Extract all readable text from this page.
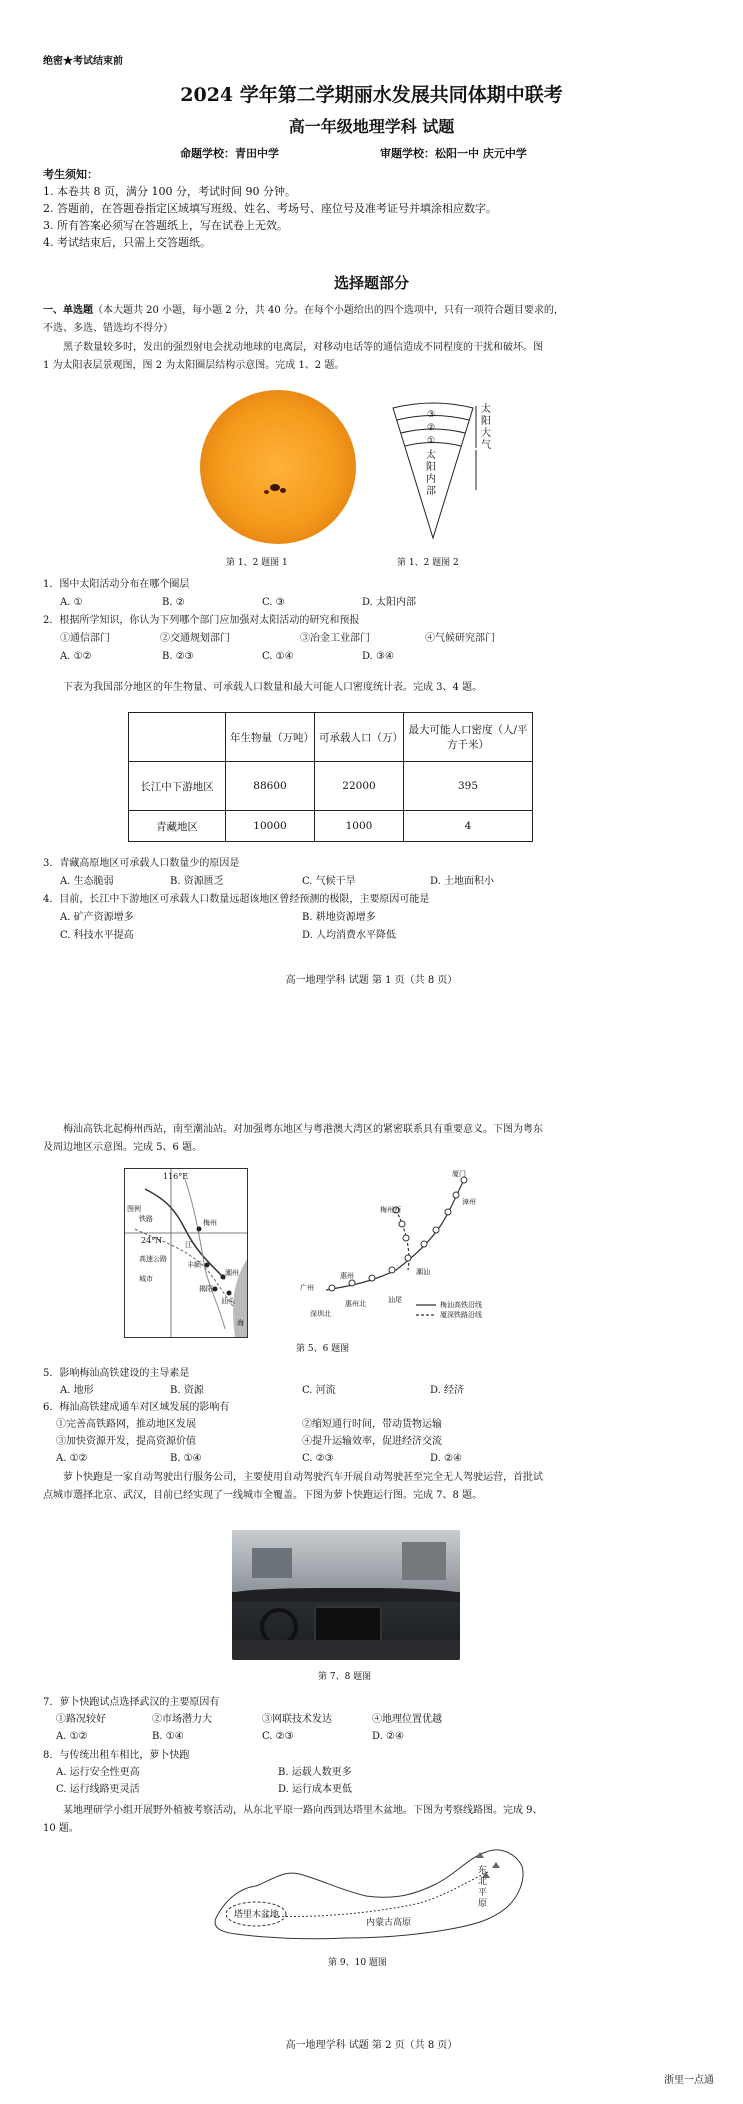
绝密★考试结束前
2024 学年第二学期丽水发展共同体期中联考
高一年级地理学科 试题
命题学校：青田中学	审题学校：松阳一中 庆元中学
考生须知：
1. 本卷共 8 页，满分 100 分，考试时间 90 分钟。
2. 答题前，在答题卷指定区域填写班级、姓名、考场号、座位号及准考证号并填涂相应数字。
3. 所有答案必须写在答题纸上，写在试卷上无效。
4. 考试结束后，只需上交答题纸。
选择题部分
一、单选题（本大题共 20 小题，每小题 2 分，共 40 分。在每个小题给出的四个选项中，只有一项符合题目要求的，
不选、多选、错选均不得分）
黑子数量较多时，发出的强烈射电会扰动地球的电离层，对移动电话等的通信造成不同程度的干扰和破坏。图
1 为太阳表层景观图，图 2 为太阳圈层结构示意图。完成 1、2 题。
第 1、2 题图 1
③
②
①
太阳大气
太阳内部
第 1、2 题图 2
1．图中太阳活动分布在哪个圈层
A. ①	B. ②	C. ③	D. 太阳内部
2．根据所学知识，你认为下列哪个部门应加强对太阳活动的研究和预报
①通信部门	②交通规划部门	③冶金工业部门	④气候研究部门
A. ①②	B. ②③	C. ①④	D. ③④
下表为我国部分地区的年生物量、可承载人口数量和最大可能人口密度统计表。完成 3、4 题。
	年生物量（万吨）	可承载人口（万）	最大可能人口密度（人/平方千米）
长江中下游地区	88600	22000	395
青藏地区	10000	1000	4
3．青藏高原地区可承载人口数量少的原因是
A. 生态脆弱	B. 资源匮乏	C. 气候干旱	D. 土地面积小
4．目前，长江中下游地区可承载人口数量远超该地区曾经预测的极限，主要原因可能是
A. 矿产资源增多	B. 耕地资源增多
C. 科技水平提高	D. 人均消费水平降低
高一地理学科 试题 第 1 页（共 8 页）
梅汕高铁北起梅州西站，南至潮汕站。对加强粤东地区与粤港澳大湾区的紧密联系具有重要意义。下图为粤东
及周边地区示意图。完成 5、6 题。
116°E
24°N
图例
铁路
高速公路
城市
梅州
江
丰顺
潮州
揭阳
汕头
海
厦门
漳州
梅州西
广州
惠州
惠州北	汕尾
潮汕
深圳北
梅汕高铁沿线
厦深铁路沿线
第 5、6 题图
5．影响梅汕高铁建设的主导素是
A. 地形	B. 资源	C. 河流	D. 经济
6．梅汕高铁建成通车对区域发展的影响有
①完善高铁路网，推动地区发展	②缩短通行时间，带动货物运输
③加快资源开发，提高资源价值	④提升运输效率，促进经济交流
A. ①②	B. ①④	C. ②③	D. ②④
萝卜快跑是一家自动驾驶出行服务公司，主要使用自动驾驶汽车开展自动驾驶甚至完全无人驾驶运营，首批试
点城市選择北京、武汉，目前已经实现了一线城市全覆盖。下图为萝卜快跑运行图。完成 7、8 题。
第 7、8 题图
7．萝卜快跑试点选择武汉的主要原因有
①路况较好	②市场潜力大	③网联技术发达	④地理位置优越
A. ①②	B. ①④	C. ②③	D. ②④
8．与传统出租车相比，萝卜快跑
A. 运行安全性更高	B. 运载人数更多
C. 运行线路更灵活	D. 运行成本更低
某地理研学小组开展野外植被考察活动，从东北平原一路向西到达塔里木盆地。下图为考察线路图。完成 9、
10 题。
塔里木盆地
内蒙古高原
东北平原
第 9、10 题图
高一地理学科 试题 第 2 页（共 8 页）
浙里一点通
